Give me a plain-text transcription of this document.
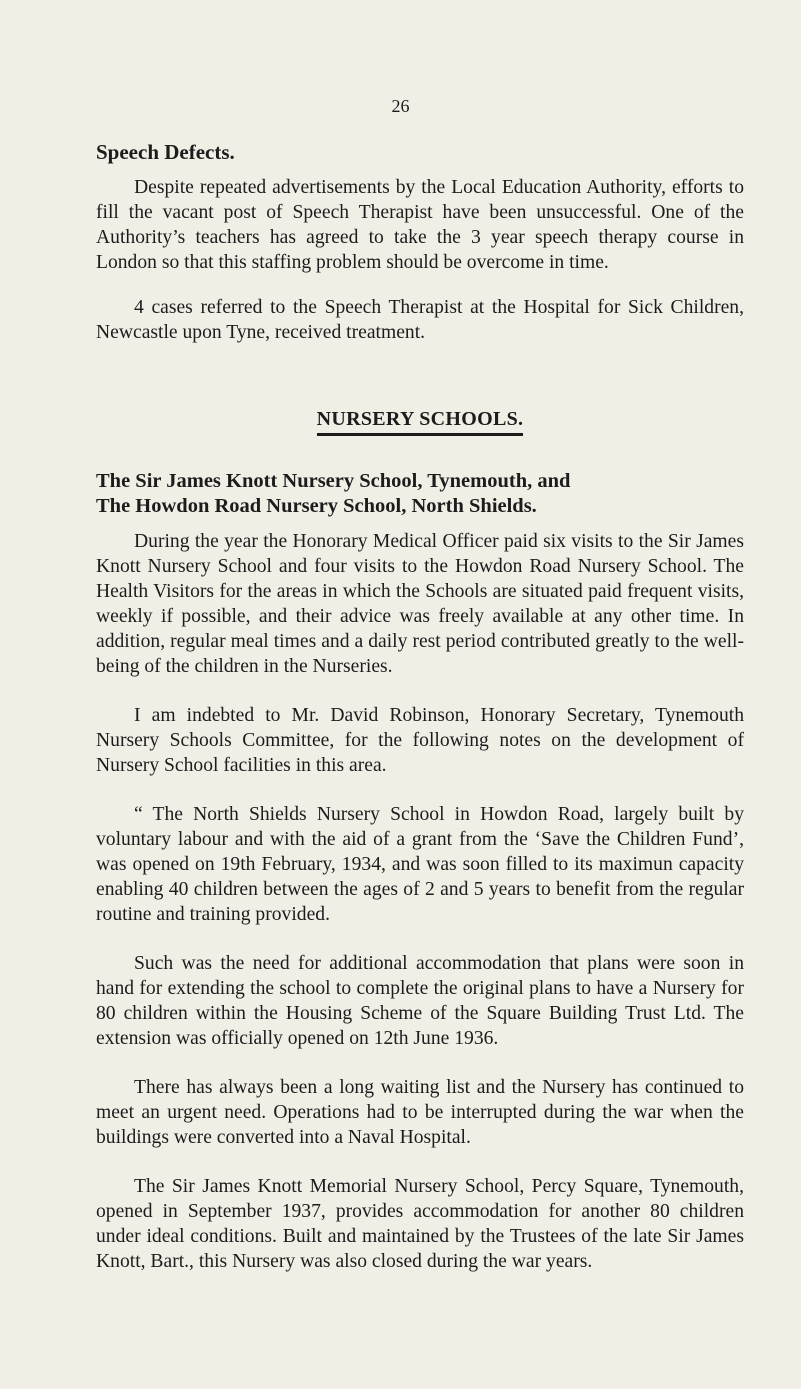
26
Speech Defects.

Despite repeated advertisements by the Local Education Authority, efforts to fill the vacant post of Speech Therapist have been unsuccessful. One of the Authority’s teachers has agreed to take the 3 year speech therapy course in London so that this staffing problem should be overcome in time.

4 cases referred to the Speech Therapist at the Hospital for Sick Children, Newcastle upon Tyne, received treatment.

NURSERY SCHOOLS.
The Sir James Knott Nursery School, Tynemouth, and
The Howdon Road Nursery School, North Shields.

During the year the Honorary Medical Officer paid six visits to the Sir James Knott Nursery School and four visits to the Howdon Road Nursery School. The Health Visitors for the areas in which the Schools are situated paid frequent visits, weekly if possible, and their advice was freely available at any other time. In addition, regular meal times and a daily rest period contributed greatly to the well-being of the children in the Nurseries.

I am indebted to Mr. David Robinson, Honorary Secretary, Tynemouth Nursery Schools Committee, for the following notes on the development of Nursery School facilities in this area.

“ The North Shields Nursery School in Howdon Road, largely built by voluntary labour and with the aid of a grant from the ‘Save the Children Fund’, was opened on 19th February, 1934, and was soon filled to its maximun capacity enabling 40 children between the ages of 2 and 5 years to benefit from the regular routine and training provided.

Such was the need for additional accommodation that plans were soon in hand for extending the school to complete the original plans to have a Nursery for 80 children within the Housing Scheme of the Square Building Trust Ltd. The extension was officially opened on 12th June 1936.

There has always been a long waiting list and the Nursery has continued to meet an urgent need. Operations had to be interrupted during the war when the buildings were converted into a Naval Hospital.

The Sir James Knott Memorial Nursery School, Percy Square, Tynemouth, opened in September 1937, provides accommodation for another 80 children under ideal conditions. Built and maintained by the Trustees of the late Sir James Knott, Bart., this Nursery was also closed during the war years.
